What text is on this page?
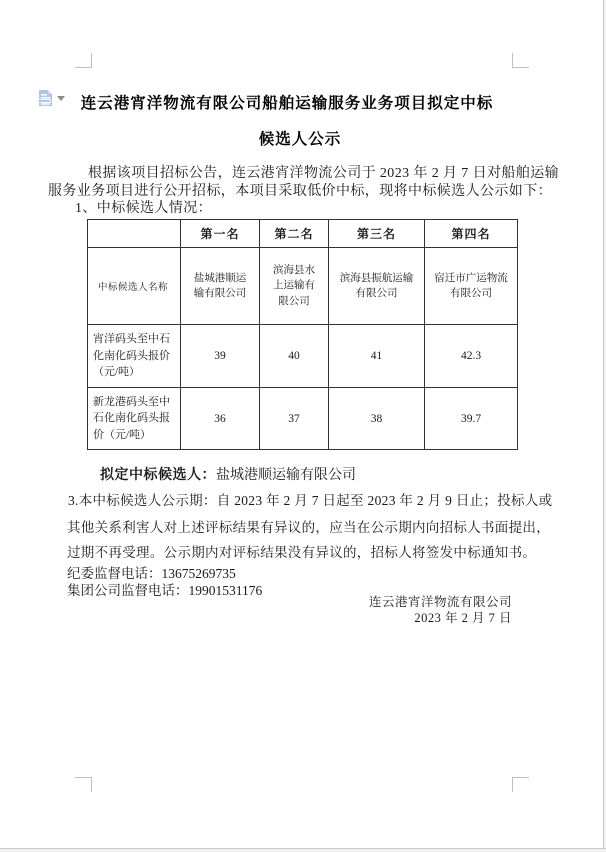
连云港宵洋物流有限公司船舶运输服务业务项目拟定中标
候选人公示
根据该项目招标公告，连云港宵洋物流公司于 2023 年 2 月 7 日对船舶运输
服务业务项目进行公开招标，本项目采取低价中标，现将中标候选人公示如下：
1、中标候选人情况：
	第一名	第二名	第三名	第四名
中标候选人名称	盐城港顺运输有限公司	滨海县水上运输有限公司	滨海县振航运输有限公司	宿迁市广运物流有限公司
宵洋码头至中石化南化码头报价（元/吨）	39	40	41	42.3
新龙港码头至中石化南化码头报价（元/吨）	36	37	38	39.7
拟定中标候选人：盐城港顺运输有限公司
3.本中标候选人公示期：自 2023 年 2 月 7 日起至 2023 年 2 月 9 日止；投标人或
其他关系利害人对上述评标结果有异议的，应当在公示期内向招标人书面提出，
过期不再受理。公示期内对评标结果没有异议的，招标人将签发中标通知书。
纪委监督电话：13675269735
集团公司监督电话：19901531176
连云港宵洋物流有限公司
2023 年 2 月 7 日
